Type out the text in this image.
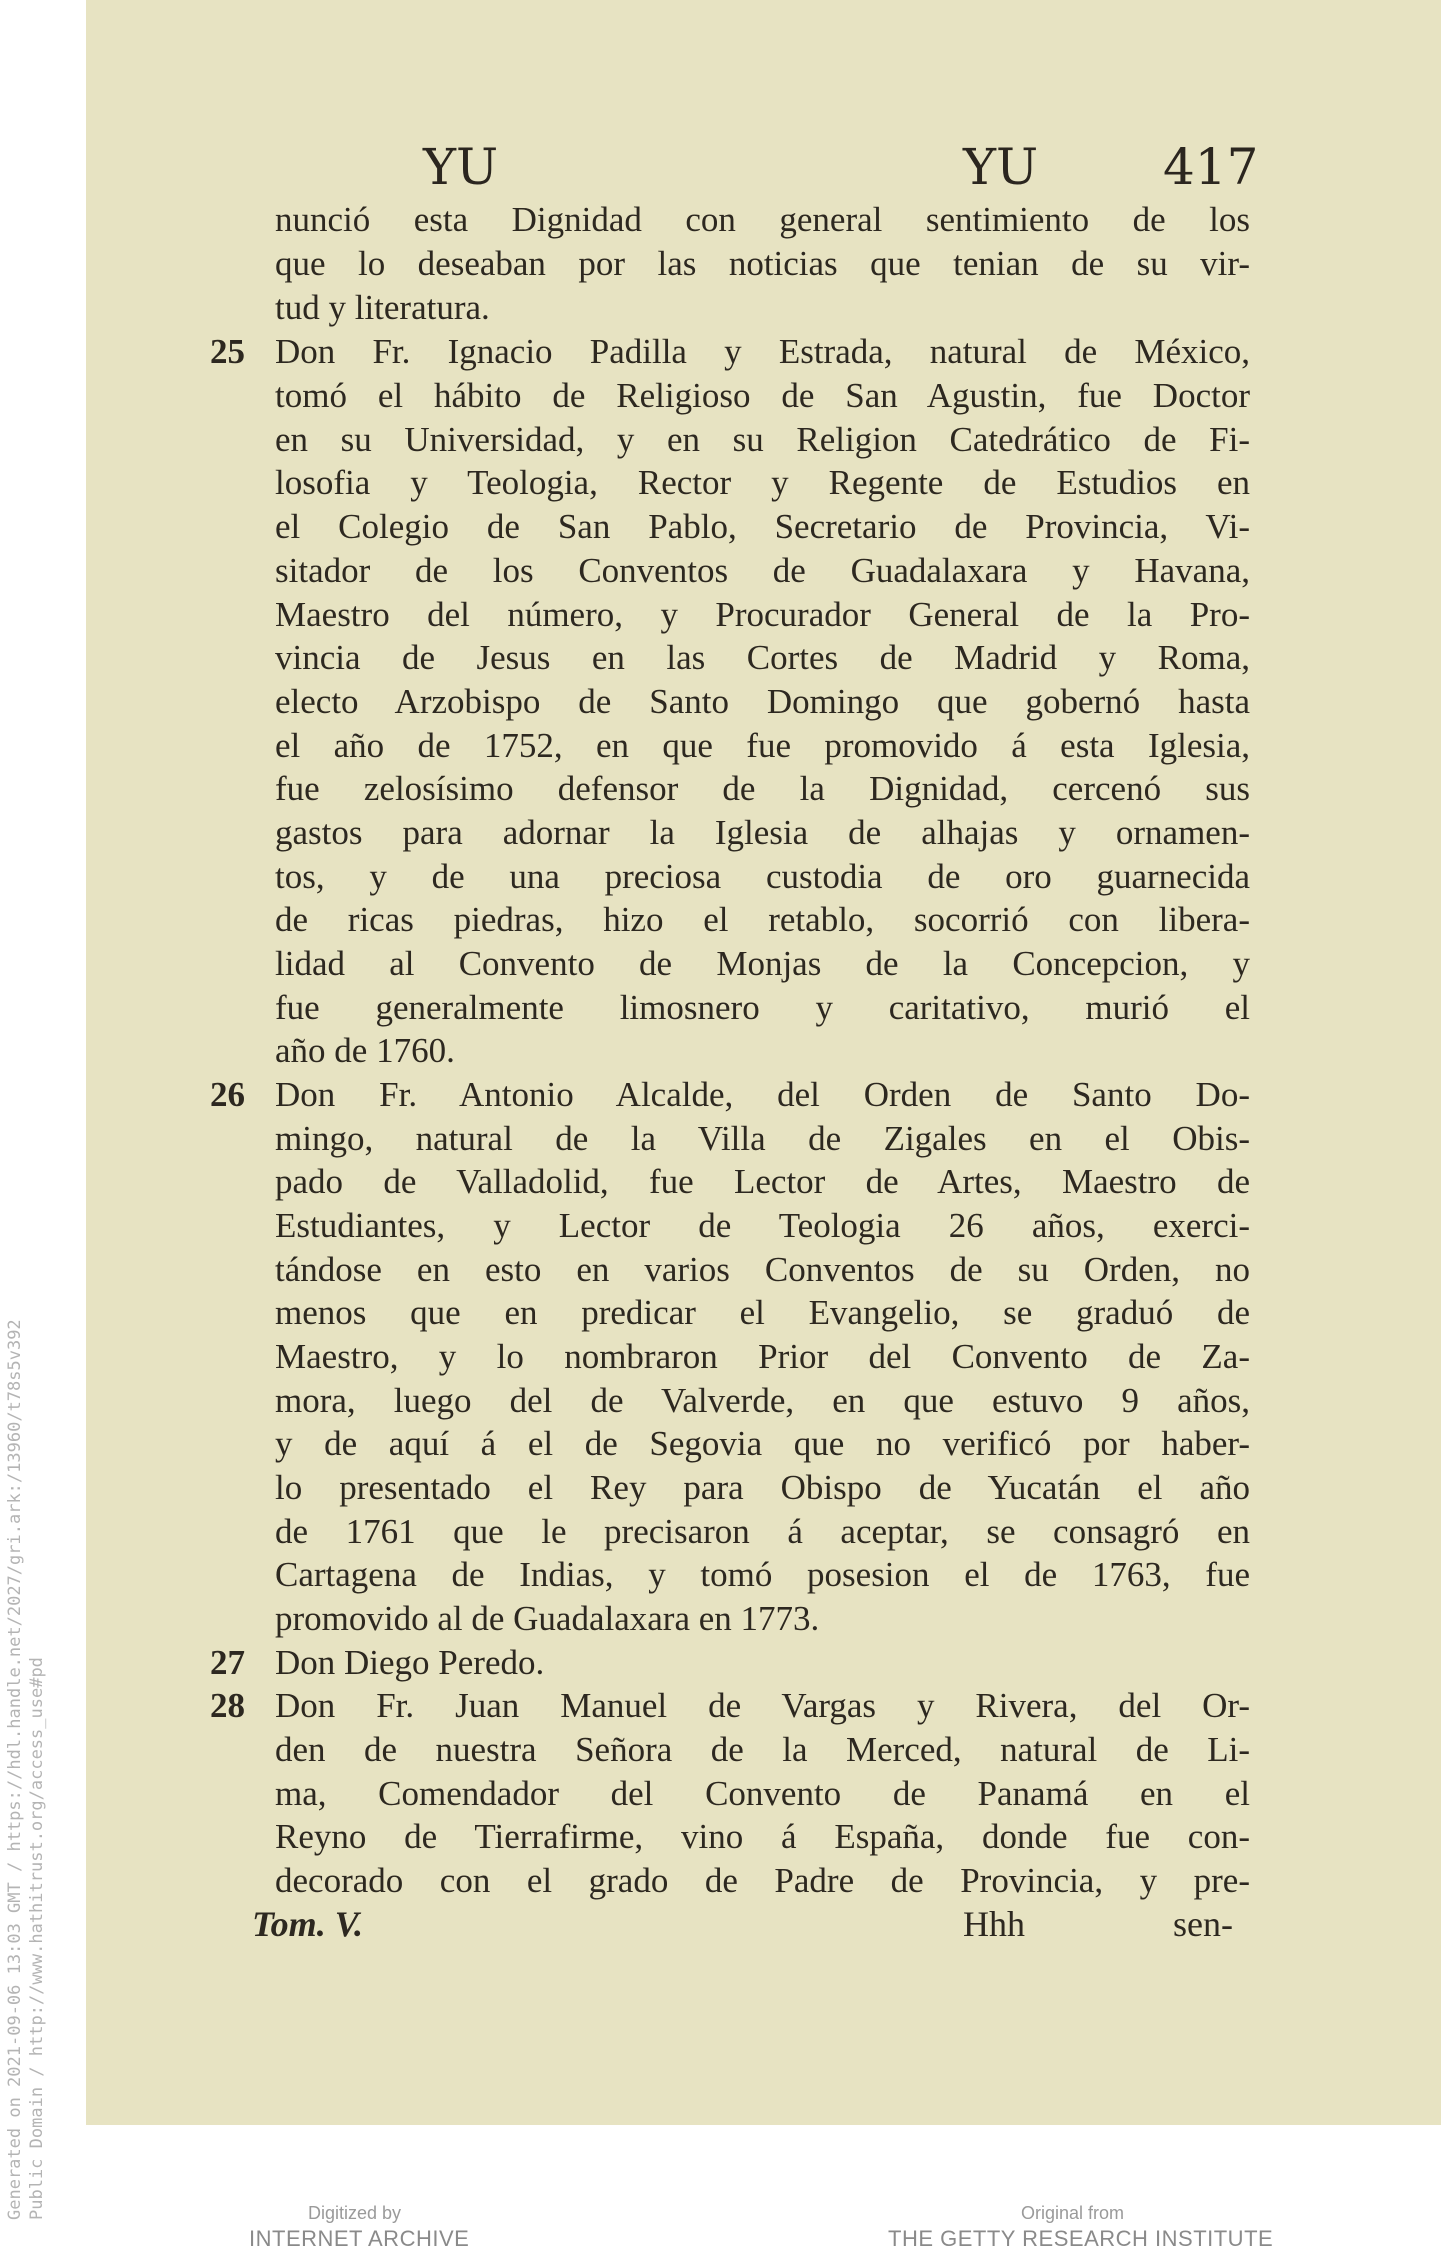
Generated on 2021-09-06 13:03 GMT / https://hdl.handle.net/2027/gri.ark:/13960/t78s5v392 Public Domain / http://www.hathitrust.org/access_use#pd
YU	YU 417
nunció esta Dignidad con general sentimiento de los
que lo deseaban por las noticias que tenian de su vir-
tud y literatura.
Don Fr. Ignacio Padilla y Estrada, natural de México,
tomó el hábito de Religioso de San Agustin, fue Doctor
en su Universidad, y en su Religion Catedrático de Fi-
losofia y Teologia, Rector y Regente de Estudios en
el Colegio de San Pablo, Secretario de Provincia, Vi-
sitador de los Conventos de Guadalaxara y Havana,
Maestro del número, y Procurador General de la Pro-
vincia de Jesus en las Cortes de Madrid y Roma,
electo Arzobispo de Santo Domingo que gobernó hasta
el año de 1752, en que fue promovido á esta Iglesia,
fue zelosísimo defensor de la Dignidad, cercenó sus
gastos para adornar la Iglesia de alhajas y ornamen-
tos, y de una preciosa custodia de oro guarnecida
de ricas piedras, hizo el retablo, socorrió con libera-
lidad al Convento de Monjas de la Concepcion, y
fue generalmente limosnero y caritativo, murió el
año de 1760.
Don Fr. Antonio Alcalde, del Orden de Santo Do-
mingo, natural de la Villa de Zigales en el Obis-
pado de Valladolid, fue Lector de Artes, Maestro de
Estudiantes, y Lector de Teologia 26 años, exerci-
tándose en esto en varios Conventos de su Orden, no
menos que en predicar el Evangelio, se graduó de
Maestro, y lo nombraron Prior del Convento de Za-
mora, luego del de Valverde, en que estuvo 9 años,
y de aquí á el de Segovia que no verificó por haber-
lo presentado el Rey para Obispo de Yucatán el año
de 1761 que le precisaron á aceptar, se consagró en
Cartagena de Indias, y tomó posesion el de 1763, fue
promovido al de Guadalaxara en 1773.
Don Diego Peredo.
Don Fr. Juan Manuel de Vargas y Rivera, del Or-
den de nuestra Señora de la Merced, natural de Li-
ma, Comendador del Convento de Panamá en el
Reyno de Tierrafirme, vino á España, donde fue con-
decorado con el grado de Padre de Provincia, y pre-
25
26
27
28
Tom. V.	Hhh	sen-
Digitized by
INTERNET ARCHIVE
Original from
THE GETTY RESEARCH INSTITUTE
